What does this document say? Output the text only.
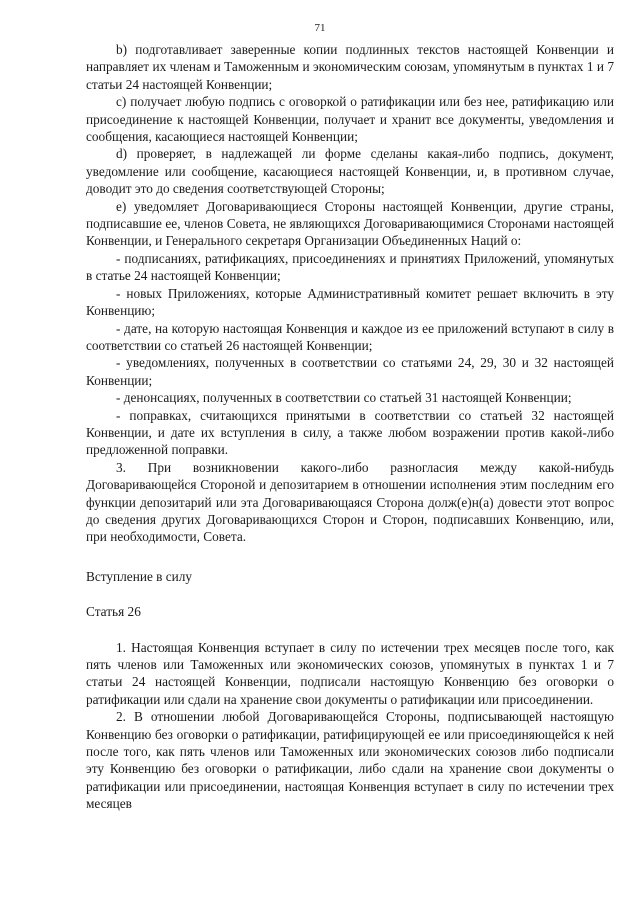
71

b) подготавливает заверенные копии подлинных текстов настоящей Конвенции и направляет их членам и Таможенным и экономическим союзам, упомянутым в пунктах 1 и 7 статьи 24 настоящей Конвенции;

c) получает любую подпись с оговоркой о ратификации или без нее, ратификацию или присоединение к настоящей Конвенции, получает и хранит все документы, уведомления и сообщения, касающиеся настоящей Конвенции;

d) проверяет, в надлежащей ли форме сделаны какая-либо подпись, документ, уведомление или сообщение, касающиеся настоящей Конвенции, и, в противном случае, доводит это до сведения соответствующей Стороны;

e) уведомляет Договаривающиеся Стороны настоящей Конвенции, другие страны, подписавшие ее, членов Совета, не являющихся Договаривающимися Сторонами настоящей Конвенции, и Генерального секретаря Организации Объединенных Наций о:

- подписаниях, ратификациях, присоединениях и принятиях Приложений, упомянутых в статье 24 настоящей Конвенции;

- новых Приложениях, которые Административный комитет решает включить в эту Конвенцию;

- дате, на которую настоящая Конвенция и каждое из ее приложений вступают в силу в соответствии со статьей 26 настоящей Конвенции;

- уведомлениях, полученных в соответствии со статьями 24, 29, 30 и 32 настоящей Конвенции;

- денонсациях, полученных в соответствии со статьей 31 настоящей Конвенции;

- поправках, считающихся принятыми в соответствии со статьей 32 настоящей Конвенции, и дате их вступления в силу, а также любом возражении против какой-либо предложенной поправки.

3. При возникновении какого-либо разногласия между какой-нибудь Договаривающейся Стороной и депозитарием в отношении исполнения этим последним его функции депозитарий или эта Договаривающаяся Сторона долж(е)н(а) довести этот вопрос до сведения других Договаривающихся Сторон и Сторон, подписавших Конвенцию, или, при необходимости, Совета.

Вступление в силу

Статья 26

1. Настоящая Конвенция вступает в силу по истечении трех месяцев после того, как пять членов или Таможенных или экономических союзов, упомянутых в пунктах 1 и 7 статьи 24 настоящей Конвенции, подписали настоящую Конвенцию без оговорки о ратификации или сдали на хранение свои документы о ратификации или присоединении.

2. В отношении любой Договаривающейся Стороны, подписывающей настоящую Конвенцию без оговорки о ратификации, ратифицирующей ее или присоединяющейся к ней после того, как пять членов или Таможенных или экономических союзов либо подписали эту Конвенцию без оговорки о ратификации, либо сдали на хранение свои документы о ратификации или присоединении, настоящая Конвенция вступает в силу по истечении трех месяцев
